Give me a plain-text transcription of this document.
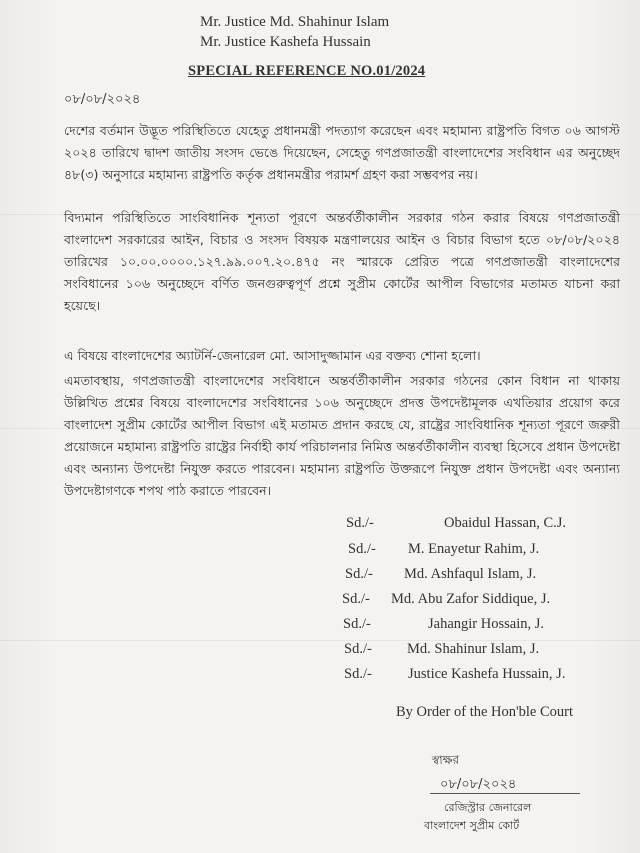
Mr. Justice Md. Shahinur Islam
Mr. Justice Kashefa Hussain
SPECIAL REFERENCE NO.01/2024
০৮/০৮/২০২৪

দেশের বর্তমান উদ্ভূত পরিস্থিতিতে যেহেতু প্রধানমন্ত্রী পদত্যাগ করেছেন এবং মহামান্য রাষ্ট্রপতি বিগত ০৬ আগস্ট ২০২৪ তারিখে দ্বাদশ জাতীয় সংসদ ভেঙে দিয়েছেন, সেহেতু গণপ্রজাতন্ত্রী বাংলাদেশের সংবিধান এর অনুচ্ছেদ ৪৮(৩) অনুসারে মহামান্য রাষ্ট্রপতি কর্তৃক প্রধানমন্ত্রীর পরামর্শ গ্রহণ করা সম্ভবপর নয়।

বিদ্যমান পরিস্থিতিতে সাংবিধানিক শূন্যতা পূরণে অন্তর্বর্তীকালীন সরকার গঠন করার বিষয়ে গণপ্রজাতন্ত্রী বাংলাদেশ সরকারের আইন, বিচার ও সংসদ বিষয়ক মন্ত্রণালয়ের আইন ও বিচার বিভাগ হতে ০৮/০৮/২০২৪ তারিখের ১০.০০.০০০০.১২৭.৯৯.০০৭.২০.৪৭৫ নং স্মারকে প্রেরিত পত্রে গণপ্রজাতন্ত্রী বাংলাদেশের সংবিধানের ১০৬ অনুচ্ছেদে বর্ণিত জনগুরুত্বপূর্ণ প্রশ্নে সুপ্রীম কোর্টের আপীল বিভাগের মতামত যাচনা করা হয়েছে।

এ বিষয়ে বাংলাদেশের অ্যাটর্নি-জেনারেল মো. আসাদুজ্জামান এর বক্তব্য শোনা হলো।

এমতাবস্থায়, গণপ্রজাতন্ত্রী বাংলাদেশের সংবিধানে অন্তর্বর্তীকালীন সরকার গঠনের কোন বিধান না থাকায় উল্লিখিত প্রশ্নের বিষয়ে বাংলাদেশের সংবিধানের ১০৬ অনুচ্ছেদে প্রদত্ত উপদেষ্টামূলক এখতিয়ার প্রয়োগ করে বাংলাদেশ সুপ্রীম কোর্টের আপীল বিভাগ এই মতামত প্রদান করছে যে, রাষ্ট্রের সাংবিধানিক শূন্যতা পূরণে জরুরী প্রয়োজনে মহামান্য রাষ্ট্রপতি রাষ্ট্রের নির্বাহী কার্য পরিচালনার নিমিত্ত অন্তর্বর্তীকালীন ব্যবস্থা হিসেবে প্রধান উপদেষ্টা এবং অন্যান্য উপদেষ্টা নিযুক্ত করতে পারবেন। মহামান্য রাষ্ট্রপতি উক্তরূপে নিযুক্ত প্রধান উপদেষ্টা এবং অন্যান্য উপদেষ্টাগণকে শপথ পাঠ করাতে পারবেন।

Sd./-	Obaidul Hassan, C.J.
Sd./- M. Enayetur Rahim, J.
Sd./- Md. Ashfaqul Islam, J.
Sd./- Md. Abu Zafor Siddique, J.
Sd./-	Jahangir Hossain, J.
Sd./- Md. Shahinur Islam, J.
Sd./- Justice Kashefa Hussain, J.
By Order of the Hon'ble Court
স্বাক্ষর
০৮/০৮/২০২৪
রেজিস্ট্রার জেনারেল
বাংলাদেশ সুপ্রীম কোর্ট
